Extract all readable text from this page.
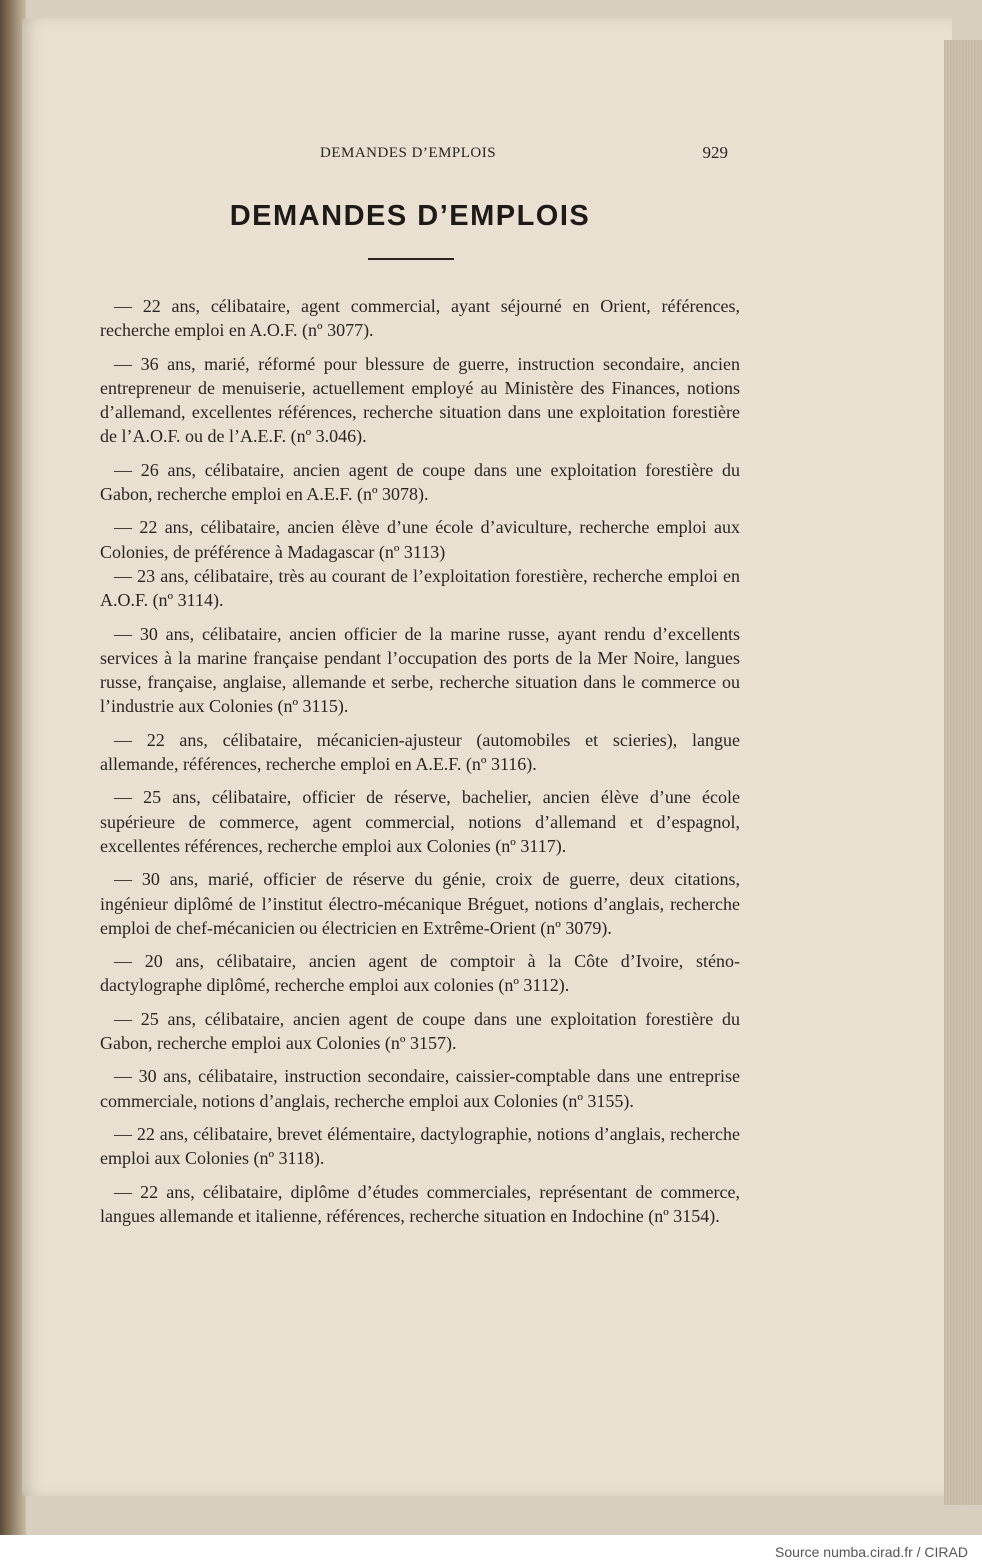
DEMANDES D’EMPLOIS	929
DEMANDES D’EMPLOIS

— 22 ans, célibataire, agent commercial, ayant séjourné en Orient, références, recherche emploi en A.O.F. (nº 3077).

— 36 ans, marié, réformé pour blessure de guerre, instruction secondaire, ancien entrepreneur de menuiserie, actuellement employé au Ministère des Finances, notions d’allemand, excellentes références, recherche situation dans une exploitation forestière de l’A.O.F. ou de l’A.E.F. (nº 3.046).

— 26 ans, célibataire, ancien agent de coupe dans une exploitation forestière du Gabon, recherche emploi en A.E.F. (nº 3078).

— 22 ans, célibataire, ancien élève d’une école d’aviculture, recherche emploi aux Colonies, de préférence à Madagascar (nº 3113)

— 23 ans, célibataire, très au courant de l’exploitation forestière, recherche emploi en A.O.F. (nº 3114).

— 30 ans, célibataire, ancien officier de la marine russe, ayant rendu d’excellents services à la marine française pendant l’occupation des ports de la Mer Noire, langues russe, française, anglaise, allemande et serbe, recherche situation dans le commerce ou l’industrie aux Colonies (nº 3115).

— 22 ans, célibataire, mécanicien-ajusteur (automobiles et scieries), langue allemande, références, recherche emploi en A.E.F. (nº 3116).

— 25 ans, célibataire, officier de réserve, bachelier, ancien élève d’une école supérieure de commerce, agent commercial, notions d’allemand et d’espagnol, excellentes références, recherche emploi aux Colonies (nº 3117).

— 30 ans, marié, officier de réserve du génie, croix de guerre, deux citations, ingénieur diplômé de l’institut électro-mécanique Bréguet, notions d’anglais, recherche emploi de chef-mécanicien ou électricien en Extrême-Orient (nº 3079).

— 20 ans, célibataire, ancien agent de comptoir à la Côte d’Ivoire, sténo-dactylographe diplômé, recherche emploi aux colonies (nº 3112).

— 25 ans, célibataire, ancien agent de coupe dans une exploitation forestière du Gabon, recherche emploi aux Colonies (nº 3157).

— 30 ans, célibataire, instruction secondaire, caissier-comptable dans une entreprise commerciale, notions d’anglais, recherche emploi aux Colonies (nº 3155).

— 22 ans, célibataire, brevet élémentaire, dactylographie, notions d’anglais, recherche emploi aux Colonies (nº 3118).

— 22 ans, célibataire, diplôme d’études commerciales, représentant de commerce, langues allemande et italienne, références, recherche situation en Indochine (nº 3154).

Source numba.cirad.fr / CIRAD
